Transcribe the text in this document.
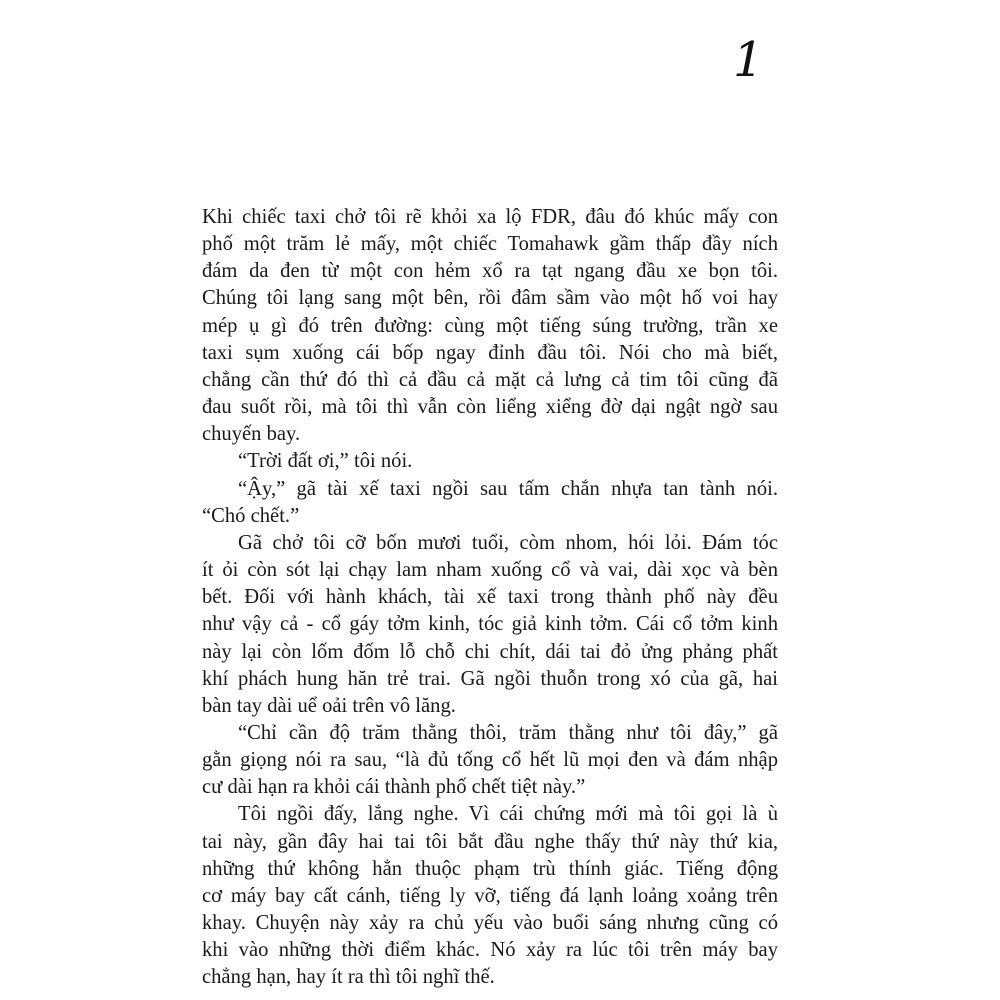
1

Khi chiếc taxi chở tôi rẽ khỏi xa lộ FDR, đâu đó khúc mấy con
phố một trăm lẻ mấy, một chiếc Tomahawk gầm thấp đầy ních
đám da đen từ một con hẻm xổ ra tạt ngang đầu xe bọn tôi.
Chúng tôi lạng sang một bên, rồi đâm sầm vào một hố voi hay
mép ụ gì đó trên đường: cùng một tiếng súng trường, trần xe
taxi sụm xuống cái bốp ngay đỉnh đầu tôi. Nói cho mà biết,
chẳng cần thứ đó thì cả đầu cả mặt cả lưng cả tim tôi cũng đã
đau suốt rồi, mà tôi thì vẫn còn liểng xiểng đờ dại ngật ngờ sau
chuyến bay.

“Trời đất ơi,” tôi nói.

“Ậy,” gã tài xế taxi ngồi sau tấm chắn nhựa tan tành nói.
“Chó chết.”

Gã chở tôi cỡ bốn mươi tuổi, còm nhom, hói lỏi. Đám tóc
ít ỏi còn sót lại chạy lam nham xuống cổ và vai, dài xọc và bèn
bết. Đối với hành khách, tài xế taxi trong thành phố này đều
như vậy cả - cổ gáy tởm kinh, tóc giả kinh tởm. Cái cổ tởm kinh
này lại còn lốm đốm lỗ chỗ chi chít, dái tai đỏ ửng phảng phất
khí phách hung hăn trẻ trai. Gã ngồi thuỗn trong xó của gã, hai
bàn tay dài uể oải trên vô lăng.

“Chỉ cần độ trăm thằng thôi, trăm thằng như tôi đây,” gã
gằn giọng nói ra sau, “là đủ tống cổ hết lũ mọi đen và đám nhập
cư dài hạn ra khỏi cái thành phố chết tiệt này.”

Tôi ngồi đấy, lắng nghe. Vì cái chứng mới mà tôi gọi là ù
tai này, gần đây hai tai tôi bắt đầu nghe thấy thứ này thứ kia,
những thứ không hẳn thuộc phạm trù thính giác. Tiếng động
cơ máy bay cất cánh, tiếng ly vỡ, tiếng đá lạnh loảng xoảng trên
khay. Chuyện này xảy ra chủ yếu vào buổi sáng nhưng cũng có
khi vào những thời điểm khác. Nó xảy ra lúc tôi trên máy bay
chẳng hạn, hay ít ra thì tôi nghĩ thế.
